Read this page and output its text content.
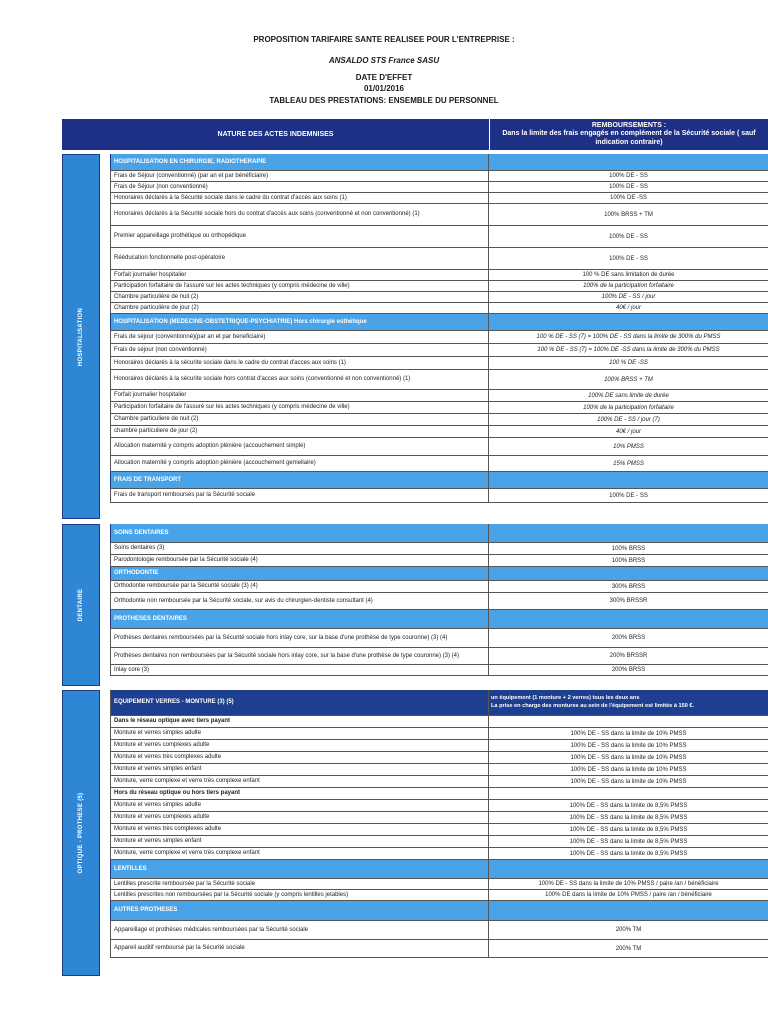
PROPOSITION TARIFAIRE SANTE REALISEE POUR L'ENTREPRISE :
ANSALDO STS France SASU
DATE D'EFFET
01/01/2016
TABLEAU DES PRESTATIONS: ENSEMBLE DU PERSONNEL
NATURE DES ACTES INDEMNISES
REMBOURSEMENTS :
Dans la limite des frais engagés en complément de la Sécurité sociale ( sauf
indication contraire)
HOSPITALISATION
HOSPITALISATION EN CHIRURGIE, RADIOTHERAPIE
Frais de Séjour (conventionné) (par an et par bénéficiaire)	100% DE - SS
Frais de Séjour (non conventionné)	100% DE - SS
Honoraires déclarés à la Sécurité sociale dans le cadre du contrat d'accès aux soins (1)	100% DE -SS
Honoraires déclarés à la Sécurité sociale hors du contrat d'accès aux soins (conventionné et non conventionné) (1)	100% BRSS + TM
Premier appareillage prothétique ou orthopédique	100% DE - SS
Rééducation fonctionnelle post-opératoire	100% DE - SS
Forfait journalier hospitalier	100 % DE sans limitation de durée
Participation forfaitaire de l'assuré sur les actes techniques (y compris médecine de ville)	100% de la participation forfaitaire
Chambre particulière de nuit (2)	100% DE - SS / jour
Chambre particulière de jour (2)	40€ / jour
HOSPITALISATION (MEDECINE-OBSTETRIQUE-PSYCHIATRIE) Hors chirurgie esthétique
Frais de séjour (conventionné)(par an et par beneficiaire)	100 % DE - SS (7) = 100% DE - SS dans la limite de 300% du PMSS
Frais de séjour (non conventionné)	100 % DE - SS (7) = 100% DE -SS dans la limite de 300% du PMSS
Honoraires déclarés à la sécurite sociale dans le cadre du contrat d'acces aux soins (1)	100 % DE -SS
Honoraires déclarés à la sécurite sociale hors contrat d'acces aux soins (conventionné et non conventionné) (1)	100% BRSS + TM
Forfait journalier hospitalier	100% DE sans limite de durée
Participation forfaitaire de l'assuré sur les actes techniques (y compris médecine de ville)	100% de la participation forfaitaire
Chambre particuliere de nuit (2)	100% DE - SS / jour (7)
chambre particuliere de jour (2)	40€ / jour
Allocation maternité y compris adoption plénière (accouchement simple)	10% PMSS
Allocation maternité y compris adoption plénière (accouchement gemellaire)	15% PMSS
FRAIS DE TRANSPORT
Frais de transport remboursés par la Sécurité sociale	100% DE - SS
DENTAIRE
SOINS DENTAIRES
Soins dentaires (3)	100% BRSS
Parodontologie remboursée par la Sécurité sociale (4)	100% BRSS
ORTHODONTIE
Orthodontie remboursée par la Sécurité sociale (3) (4)	300% BRSS
Orthodontie non remboursée par la Sécurité sociale, sur avis du chirurgien-dentiste consultant (4)	300% BRSSR
PROTHESES DENTAIRES
Prothèses dentaires remboursées par la Sécurité sociale hors inlay core, sur la base d'une prothèse de type couronne) (3) (4)	200% BRSS
Prothèses dentaires non remboursées par la Sécurité sociale hors inlay core, sur la base d'une prothèse de type couronne) (3) (4)	200% BRSSR
Inlay core (3)	200% BRSS
OPTIQUE - PROTHESE (5)
EQUIPEMENT VERRES - MONTURE (3) (5)
un équipement (1 monture + 2 verres) tous les deux ans
La prise en charge des montures au sein de l'équipement est limitée à 150 €.
Dans le réseau optique avec tiers payant
Monture et verres simples adulte	100% DE - SS dans la limite de 10% PMSS
Monture et verres complexes adulte	100% DE - SS dans la limite de 10% PMSS
Monture et verres très complexes adulte	100% DE - SS dans la limite de 10% PMSS
Monture et verres simples enfant	100% DE - SS dans la limite de 10% PMSS
Monture, verre complexe et verre très complexe enfant	100% DE - SS dans la limite de 10% PMSS
Hors du réseau optique ou hors tiers payant
Monture et verres simples adulte	100% DE - SS dans la limite de 8,5% PMSS
Monture et verres complexes adulte	100% DE - SS dans la limite de 8,5% PMSS
Monture et verres très complexes adulte	100% DE - SS dans la limite de 8,5% PMSS
Monture et verres simples enfant	100% DE - SS dans la limite de 8,5% PMSS
Monture, verre complexe et verre très complexe enfant	100% DE - SS dans la limite de 8,5% PMSS
LENTILLES
Lentilles prescrite remboursée par la Sécurité sociale	100% DE - SS dans la limite de 10% PMSS / paire /an / bénéficiaire
Lentilles prescrites non remboursées par la Sécurité sociale (y compris lentilles jetables)	100% DE dans la limite de 10% PMSS / paire /an / bénéficiaire
AUTRES PROTHESES
Appareillage et prothèses médicales remboursées par la Sécurité sociale	200% TM
Appareil auditif remboursé par la Sécurité sociale	200% TM
